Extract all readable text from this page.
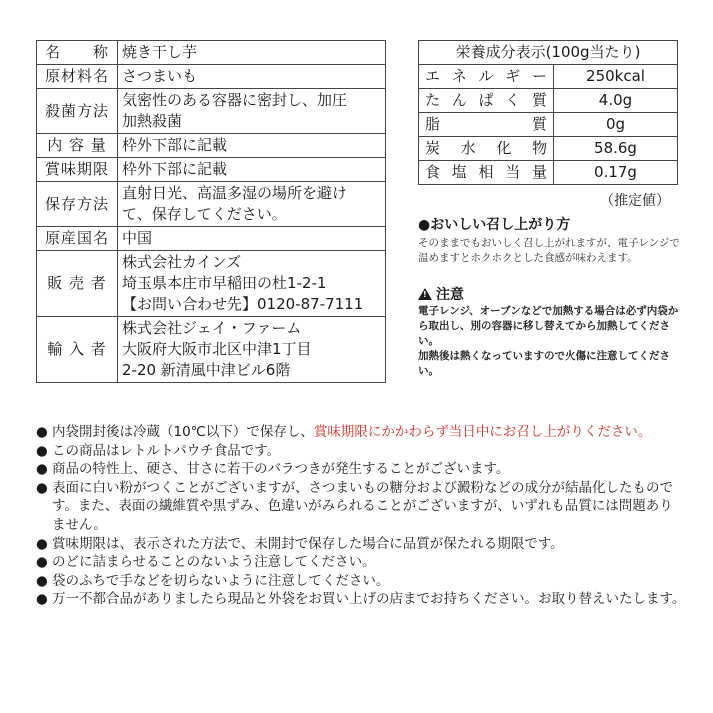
名　　称	焼き干し芋

原材料名	さつまいも

殺菌方法	気密性のある容器に密封し、加圧
加熱殺菌

内 容 量	枠外下部に記載

賞味期限	枠外下部に記載

保存方法	直射日光、高温多湿の場所を避け
て、保存してください。

原産国名	中国

販 売 者	株式会社カインズ
埼玉県本庄市早稲田の杜1-2-1
【お問い合わせ先】0120-87-7111

輸 入 者	株式会社ジェイ・ファーム
大阪府大阪市北区中津1丁目
2-20 新清風中津ビル6階
栄養成分表示(100g当たり)	
エネルギー	250kcal
たんぱく質	4.0g
脂質	0g
炭水化物	58.6g
食塩相当量	0.17g
（推定値）
●おいしい召し上がり方
そのままでもおいしく召し上がれますが、電子レンジで温めますとホクホクとした食感が味わえます。
!注意
電子レンジ、オーブンなどで加熱する場合は必ず内袋から取出し、別の容器に移し替えてから加熱してください。
加熱後は熱くなっていますので火傷に注意してください。
● 内袋開封後は冷蔵（10℃以下）で保存し、賞味期限にかかわらず当日中にお召し上がりください。
● この商品はレトルトパウチ食品です。
● 商品の特性上、硬さ、甘さに若干のバラつきが発生することがございます。
● 表面に白い粉がつくことがございますが、さつまいもの糖分および澱粉などの成分が結晶化したものです。また、表面の繊維質や黒ずみ、色違いがみられることがございますが、いずれも品質には問題ありません。
● 賞味期限は、表示された方法で、未開封で保存した場合に品質が保たれる期限です。
● のどに詰まらせることのないよう注意してください。
● 袋のふちで手などを切らないように注意してください。
● 万一不都合品がありましたら現品と外袋をお買い上げの店までお持ちください。お取り替えいたします。
